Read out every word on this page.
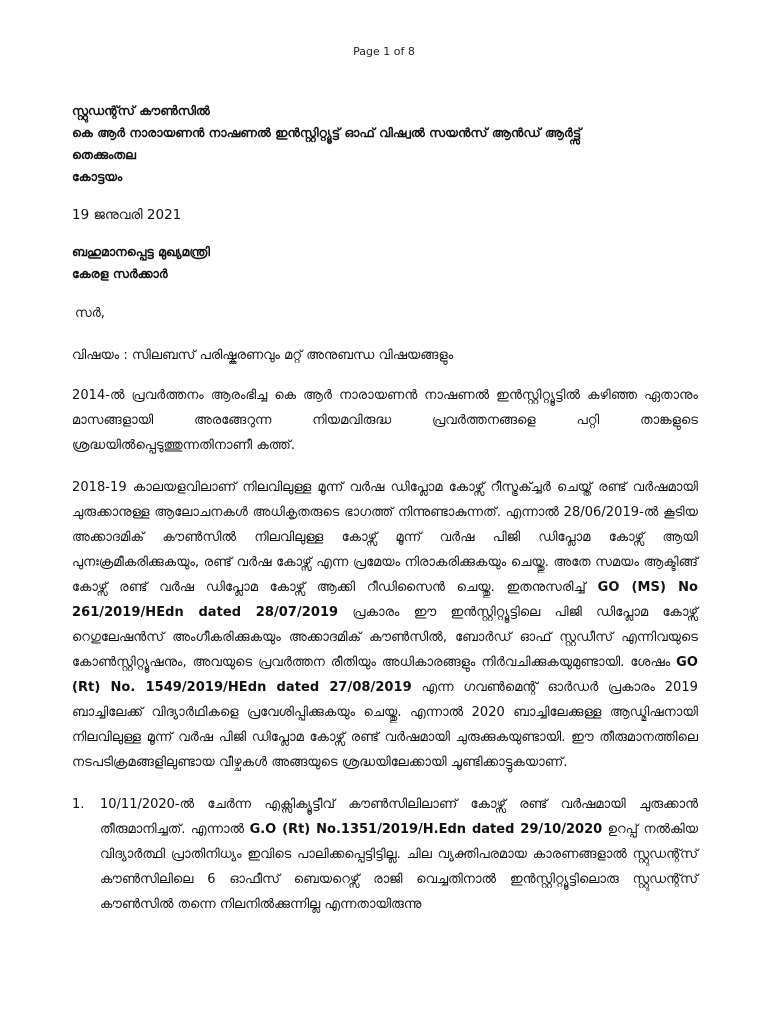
Page 1 of 8
സ്റ്റുഡന്റ്സ് കൗൺസിൽ
കെ ആർ നാരായണൻ നാഷണൽ ഇൻസ്റ്റിറ്റ്യൂട്ട് ഓഫ് വിഷ്വൽ സയൻസ് ആൻഡ് ആർട്ട്സ്
തെക്കുംതല
കോട്ടയം
19 ജനുവരി 2021
ബഹുമാനപ്പെട്ട മുഖ്യമന്ത്രി
കേരള സർക്കാർ
സർ,
വിഷയം : സിലബസ് പരിഷ്കരണവും മറ്റ് അനുബന്ധ വിഷയങ്ങളും

2014-ൽ പ്രവർത്തനം ആരംഭിച്ച കെ ആർ നാരായണൻ നാഷണൽ ഇൻസ്റ്റിറ്റ്യൂട്ടിൽ കഴിഞ്ഞ ഏതാനും മാസങ്ങളായി അരങ്ങേറുന്ന നിയമവിരുദ്ധ പ്രവർത്തനങ്ങളെ പറ്റി താങ്കളുടെ ശ്രദ്ധയിൽപ്പെടുത്തുന്നതിനാണീ കത്ത്.

2018-19 കാലയളവിലാണ് നിലവിലുള്ള മൂന്ന് വർഷ ഡിപ്ലോമ കോഴ്സ് റീസ്ട്രക്ച്ചർ ചെയ്ത് രണ്ട് വർഷമായി ചുരുക്കാനുള്ള ആലോചനകൾ അധികൃതരുടെ ഭാഗത്ത് നിന്നുണ്ടാകുന്നത്. എന്നാൽ 28/06/2019-ൽ കൂടിയ അക്കാദമിക് കൗൺസിൽ നിലവിലുള്ള കോഴ്സ് മൂന്ന് വർഷ പിജി ഡിപ്ലോമ കോഴ്സ് ആയി പുനഃക്രമീകരിക്കുകയും, രണ്ട് വർഷ കോഴ്സ് എന്ന പ്രമേയം നിരാകരിക്കുകയും ചെയ്തു. അതേ സമയം ആക്ടിങ്ങ് കോഴ്സ് രണ്ട് വർഷ ഡിപ്ലോമ കോഴ്സ് ആക്കി റീഡിസൈൻ ചെയ്തു. ഇതനുസരിച്ച് GO (MS) No 261/2019/HEdn dated 28/07/2019 പ്രകാരം ഈ ഇൻസ്റ്റിറ്റ്യൂട്ടിലെ പിജി ഡിപ്ലോമ കോഴ്സ് റെഗുലേഷൻസ് അംഗീകരിക്കുകയും അക്കാദമിക് കൗൺസിൽ, ബോർഡ് ഓഫ് സ്റ്റഡീസ് എന്നിവയുടെ കോൺസ്റ്റിറ്റ്യൂഷനും, അവയുടെ പ്രവർത്തന രീതിയും അധികാരങ്ങളും നിർവചിക്കുകയുമുണ്ടായി. ശേഷം GO (Rt) No. 1549/2019/HEdn dated 27/08/2019 എന്ന ഗവൺമെന്റ് ഓർഡർ പ്രകാരം 2019 ബാച്ചിലേക്ക് വിദ്യാർഥികളെ പ്രവേശിപ്പിക്കുകയും ചെയ്തു. എന്നാൽ 2020 ബാച്ചിലേക്കുള്ള ആഡ്മിഷനായി നിലവിലുള്ള മൂന്ന് വർഷ പിജി ഡിപ്ലോമ കോഴ്സ് രണ്ട് വർഷമായി ചുരുക്കുകയുണ്ടായി. ഈ തീരുമാനത്തിലെ നടപടിക്രമങ്ങളിലുണ്ടായ വീഴ്ചകൾ അങ്ങയുടെ ശ്രദ്ധയിലേക്കായി ചൂണ്ടിക്കാട്ടുകയാണ്.

1.	10/11/2020-ൽ ചേർന്ന എക്സിക്യൂട്ടീവ് കൗൺസിലിലാണ് കോഴ്സ് രണ്ട് വർഷമായി ചുരുക്കാൻ തീരുമാനിച്ചത്. എന്നാൽ G.O (Rt) No.1351/2019/H.Edn dated 29/10/2020 ഉറപ്പ് നൽകിയ വിദ്യാർത്ഥി പ്രാതിനിധ്യം ഇവിടെ പാലിക്കപ്പെട്ടിട്ടില്ല. ചില വ്യക്തിപരമായ കാരണങ്ങളാൽ സ്റ്റുഡന്റ്സ് കൗൺസിലിലെ 6 ഓഫീസ് ബെയറെഴ്സ് രാജി വെച്ചതിനാൽ ഇൻസ്റ്റിറ്റ്യൂട്ടിലൊരു സ്റ്റുഡന്റ്സ് കൗൺസിൽ തന്നെ നിലനിൽക്കുന്നില്ല എന്നതായിരുന്നു
